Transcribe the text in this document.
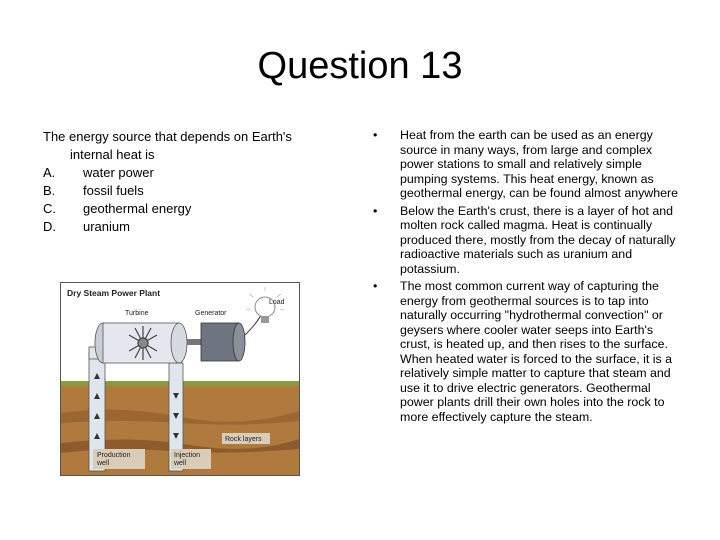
Question 13

The energy source that depends on Earth's internal heat is

A.	water power
B.	fossil fuels
C.	geothermal energy
D.	uranium
Dry Steam Power Plant
Turbine	Generator
Load
Rock layers
Production well
Injection well
•	Heat from the earth can be used as an energy source in many ways, from large and complex power stations to small and relatively simple pumping systems. This heat energy, known as geothermal energy, can be found almost anywhere
•	Below the Earth's crust, there is a layer of hot and molten rock called magma. Heat is continually produced there, mostly from the decay of naturally radioactive materials such as uranium and potassium.
•	The most common current way of capturing the energy from geothermal sources is to tap into naturally occurring "hydrothermal convection" or geysers where cooler water seeps into Earth's crust, is heated up, and then rises to the surface. When heated water is forced to the surface, it is a relatively simple matter to capture that steam and use it to drive electric generators. Geothermal power plants drill their own holes into the rock to more effectively capture the steam.
